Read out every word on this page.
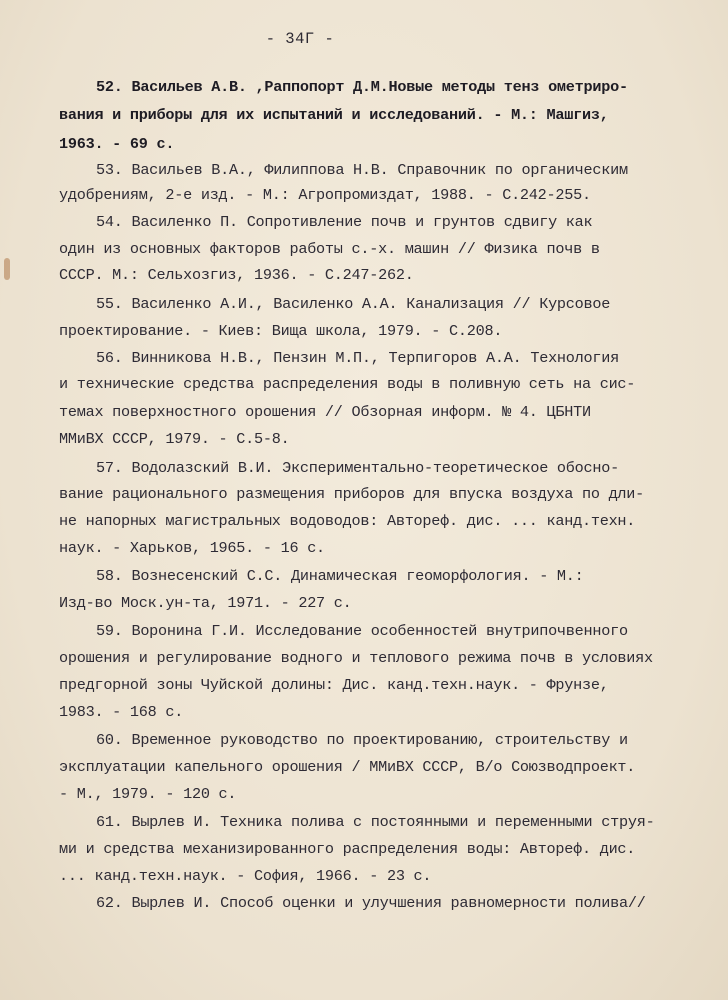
- 34Г -
52. Васильев А.В. ,Раппопорт Д.М.Новые методы тенз ометриро-
вания и приборы для их испытаний и исследований. - М.: Машгиз,
1963. - 69 с.
53. Васильев В.А., Филиппова Н.В. Справочник по органическим
удобрениям, 2-е изд. - М.: Агропромиздат, 1988. - С.242-255.
54. Василенко П. Сопротивление почв и грунтов сдвигу как
один из основных факторов работы с.-х. машин // Физика почв в
СССР. М.: Сельхозгиз, 1936. - С.247-262.
55. Василенко А.И., Василенко А.А. Канализация // Курсовое
проектирование. - Киев: Вища школа, 1979. - С.208.
56. Винникова Н.В., Пензин М.П., Терпигоров А.А. Технология
и технические средства распределения воды в поливную сеть на сис-
темах поверхностного орошения // Обзорная информ. № 4. ЦБНТИ
ММиВХ СССР, 1979. - С.5-8.
57. Водолазский В.И. Экспериментально-теоретическое обосно-
вание рационального размещения приборов для впуска воздуха по дли-
не напорных магистральных водоводов: Автореф. дис. ... канд.техн.
наук. - Харьков, 1965. - 16 с.
58. Вознесенский С.С. Динамическая геоморфология. - М.:
Изд-во Моск.ун-та, 1971. - 227 с.
59. Воронина Г.И. Исследование особенностей внутрипочвенного
орошения и регулирование водного и теплового режима почв в условиях
предгорной зоны Чуйской долины: Дис. канд.техн.наук. - Фрунзе,
1983. - 168 с.
60. Временное руководство по проектированию, строительству и
эксплуатации капельного орошения / ММиВХ СССР, В/о Союзводпроект.
- М., 1979. - 120 с.
61. Вырлев И. Техника полива с постоянными и переменными струя-
ми и средства механизированного распределения воды: Автореф. дис.
... канд.техн.наук. - София, 1966. - 23 с.
62. Вырлев И. Способ оценки и улучшения равномерности полива//
